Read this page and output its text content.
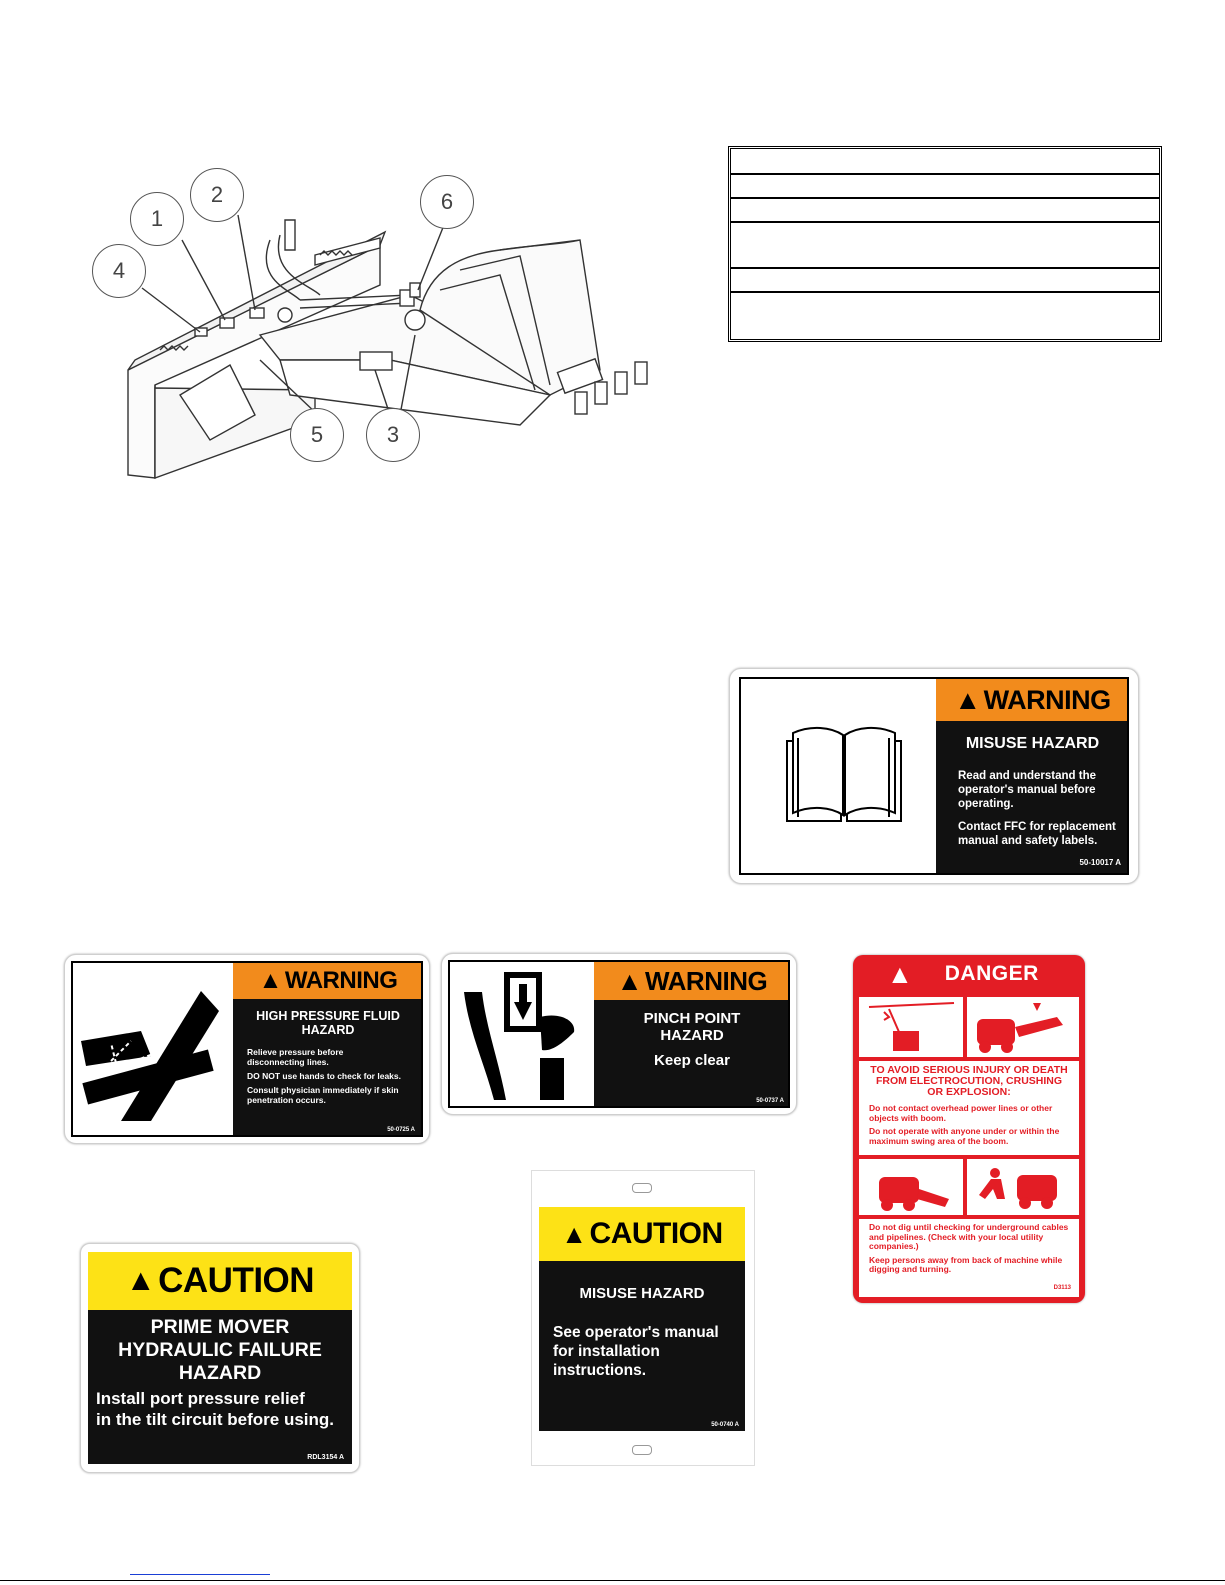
1
2
3
4
5
6
▲ WARNING
MISUSE HAZARD
Read and understand the operator's manual before operating.
Contact FFC for replacement manual and safety labels.
50-10017 A
▲ WARNING
HIGH PRESSURE FLUID
HAZARD
Relieve pressure before disconnecting lines.
DO NOT use hands to check for leaks.
Consult physician immediately if skin penetration occurs.
50-0725 A
▲ WARNING
PINCH POINT
HAZARD
Keep clear
50-0737 A
▲ DANGER
TO AVOID SERIOUS INJURY OR DEATH FROM ELECTROCUTION, CRUSHING OR EXPLOSION:
Do not contact overhead power lines or other objects with boom.
Do not operate with anyone under or within the maximum swing area of the boom.
Do not dig until checking for underground cables and pipelines. (Check with your local utility companies.)
Keep persons away from back of machine while digging and turning.
D3113
▲ CAUTION
PRIME MOVER
HYDRAULIC FAILURE
HAZARD
Install port pressure relief
in the tilt circuit before using.
RDL3154 A
▲ CAUTION
MISUSE HAZARD
See operator's manual for installation instructions.
50-0740 A
